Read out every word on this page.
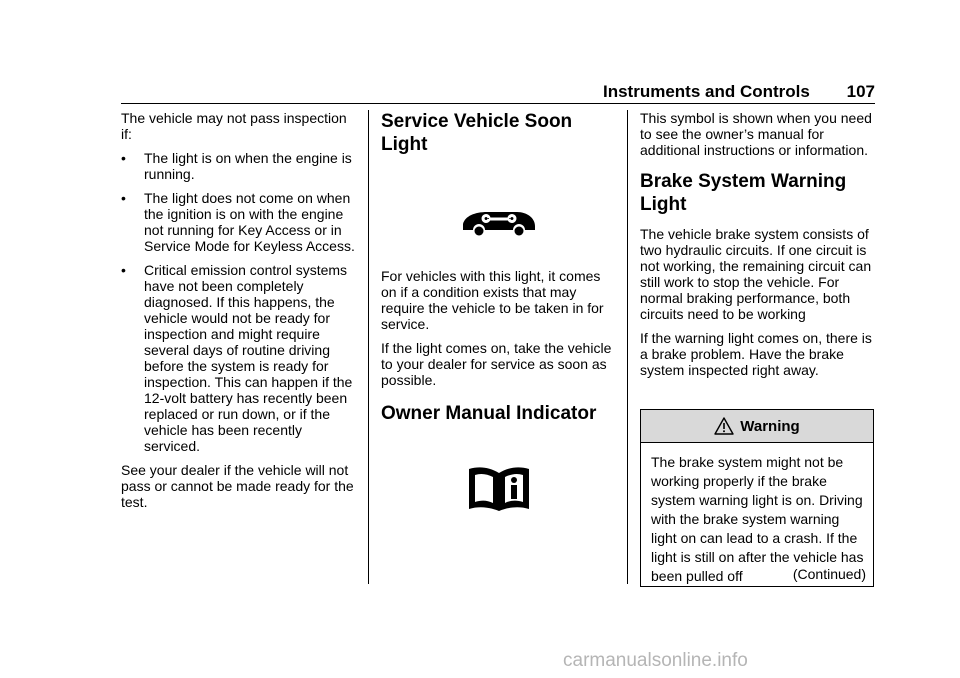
Instruments and Controls 107

The vehicle may not pass inspection if:

•	The light is on when the engine is running.
•	The light does not come on when the ignition is on with the engine not running for Key Access or in Service Mode for Keyless Access.
•	Critical emission control systems have not been completely diagnosed. If this happens, the vehicle would not be ready for inspection and might require several days of routine driving before the system is ready for inspection. This can happen if the 12-volt battery has recently been replaced or run down, or if the vehicle has been recently serviced.

See your dealer if the vehicle will not pass or cannot be made ready for the test.

Service Vehicle Soon Light

For vehicles with this light, it comes on if a condition exists that may require the vehicle to be taken in for service.

If the light comes on, take the vehicle to your dealer for service as soon as possible.

Owner Manual Indicator

This symbol is shown when you need to see the owner’s manual for additional instructions or information.

Brake System Warning Light

The vehicle brake system consists of two hydraulic circuits. If one circuit is not working, the remaining circuit can still work to stop the vehicle. For normal braking performance, both circuits need to be working

If the warning light comes on, there is a brake problem. Have the brake system inspected right away.

Warning
The brake system might not be working properly if the brake system warning light is on. Driving with the brake system warning light on can lead to a crash. If the light is still on after the vehicle has been pulled off	(Continued)
carmanualsonline.info
